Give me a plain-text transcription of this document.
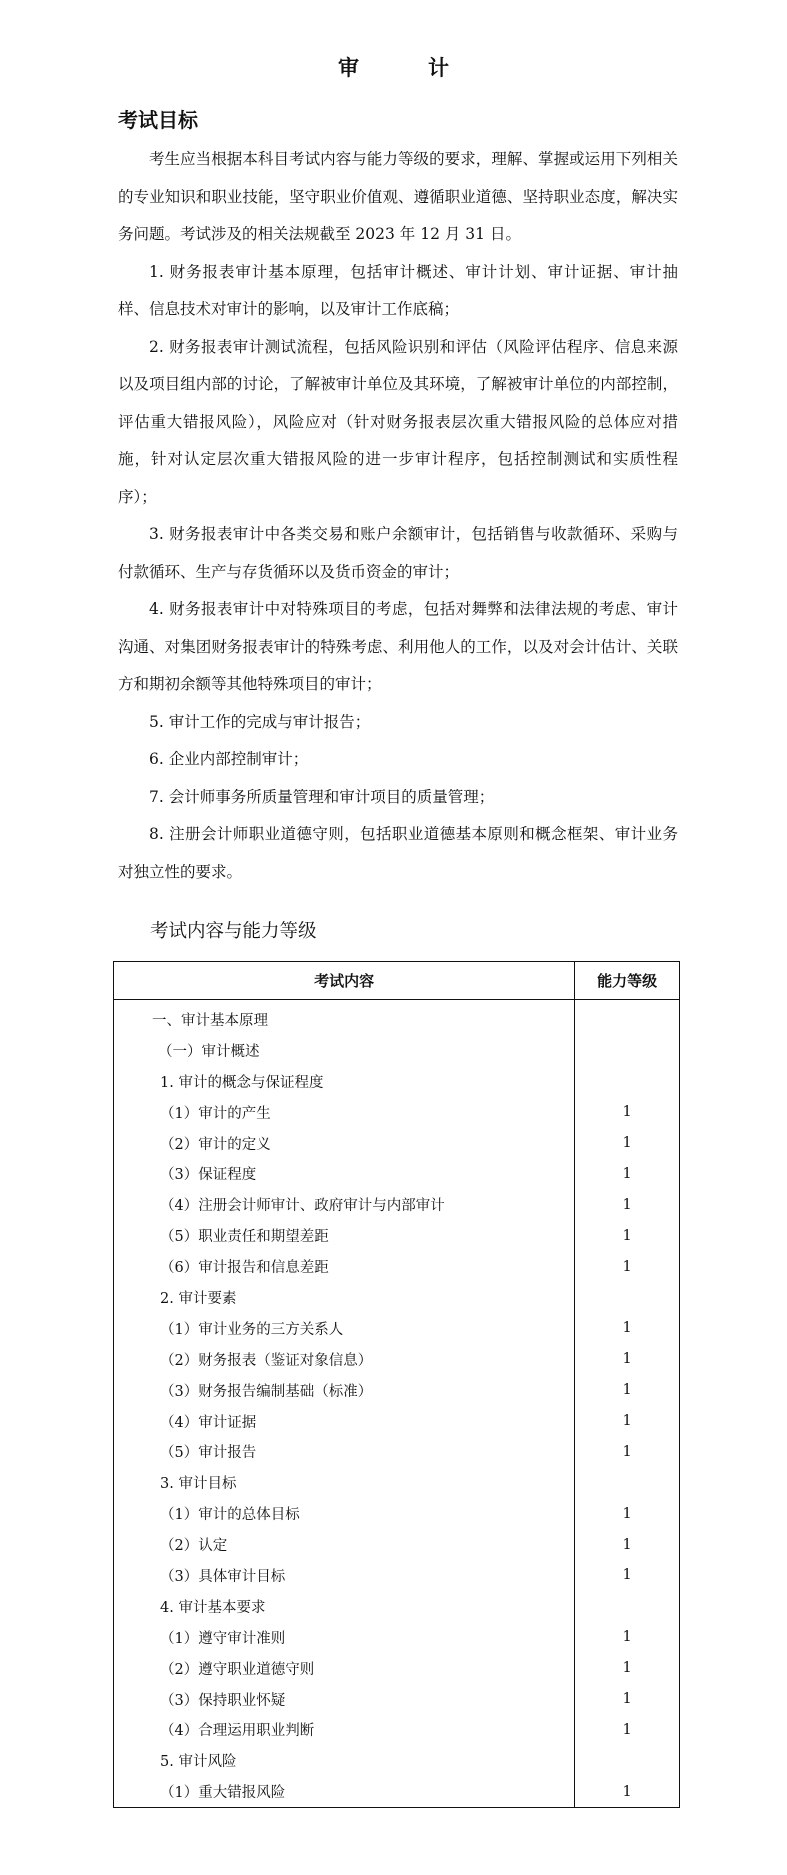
审　计
考试目标

考生应当根据本科目考试内容与能力等级的要求，理解、掌握或运用下列相关的专业知识和职业技能，坚守职业价值观、遵循职业道德、坚持职业态度，解决实务问题。考试涉及的相关法规截至 2023 年 12 月 31 日。

1. 财务报表审计基本原理，包括审计概述、审计计划、审计证据、审计抽样、信息技术对审计的影响，以及审计工作底稿；

2. 财务报表审计测试流程，包括风险识别和评估（风险评估程序、信息来源以及项目组内部的讨论，了解被审计单位及其环境，了解被审计单位的内部控制，评估重大错报风险），风险应对（针对财务报表层次重大错报风险的总体应对措施，针对认定层次重大错报风险的进一步审计程序，包括控制测试和实质性程序）；

3. 财务报表审计中各类交易和账户余额审计，包括销售与收款循环、采购与付款循环、生产与存货循环以及货币资金的审计；

4. 财务报表审计中对特殊项目的考虑，包括对舞弊和法律法规的考虑、审计沟通、对集团财务报表审计的特殊考虑、利用他人的工作，以及对会计估计、关联方和期初余额等其他特殊项目的审计；

5. 审计工作的完成与审计报告；

6. 企业内部控制审计；

7. 会计师事务所质量管理和审计项目的质量管理；

8. 注册会计师职业道德守则，包括职业道德基本原则和概念框架、审计业务对独立性的要求。

考试内容与能力等级
考试内容	能力等级
一、审计基本原理	
（一）审计概述	
1. 审计的概念与保证程度	
（1）审计的产生	1
（2）审计的定义	1
（3）保证程度	1
（4）注册会计师审计、政府审计与内部审计	1
（5）职业责任和期望差距	1
（6）审计报告和信息差距	1
2. 审计要素	
（1）审计业务的三方关系人	1
（2）财务报表（鉴证对象信息）	1
（3）财务报告编制基础（标准）	1
（4）审计证据	1
（5）审计报告	1
3. 审计目标	
（1）审计的总体目标	1
（2）认定	1
（3）具体审计目标	1
4. 审计基本要求	
（1）遵守审计准则	1
（2）遵守职业道德守则	1
（3）保持职业怀疑	1
（4）合理运用职业判断	1
5. 审计风险	
（1）重大错报风险	1
